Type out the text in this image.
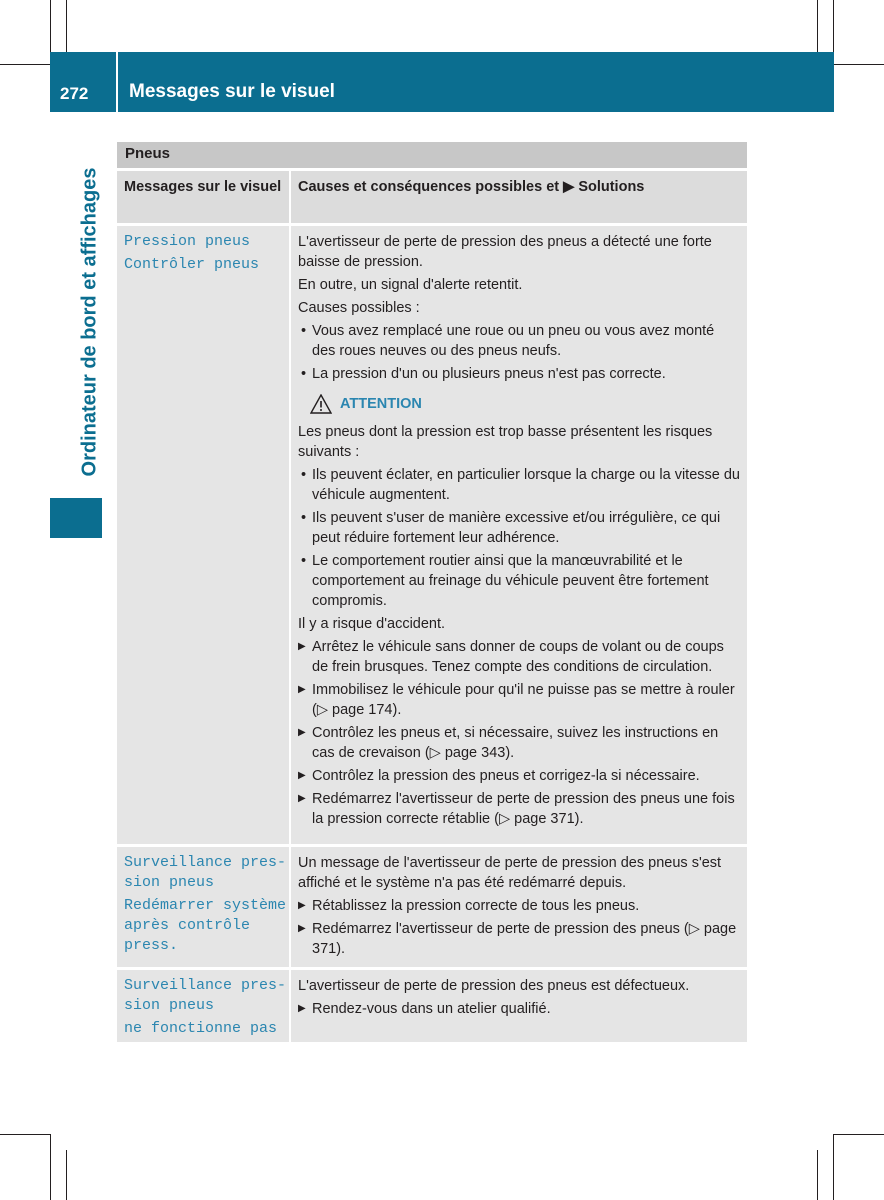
272 Messages sur le visuel
Ordinateur de bord et affichages
Pneus
Messages sur le visuel	Causes et conséquences possibles et ▶ Solutions
Pression pneus
Contrôler pneus

L'avertisseur de perte de pression des pneus a détecté une forte baisse de pression.

En outre, un signal d'alerte retentit.

Causes possibles :

• Vous avez remplacé une roue ou un pneu ou vous avez monté des roues neuves ou des pneus neufs.
• La pression d'un ou plusieurs pneus n'est pas correcte.
ATTENTION

Les pneus dont la pression est trop basse présentent les risques suivants :

• Ils peuvent éclater, en particulier lorsque la charge ou la vitesse du véhicule augmentent.
• Ils peuvent s'user de manière excessive et/ou irrégulière, ce qui peut réduire fortement leur adhérence.
• Le comportement routier ainsi que la manœuvrabilité et le comportement au freinage du véhicule peuvent être fortement compromis.

Il y a risque d'accident.

▶ Arrêtez le véhicule sans donner de coups de volant ou de coups de frein brusques. Tenez compte des conditions de circulation.
▶ Immobilisez le véhicule pour qu'il ne puisse pas se mettre à rouler (▷ page 174).
▶ Contrôlez les pneus et, si nécessaire, suivez les instructions en cas de crevaison (▷ page 343).
▶ Contrôlez la pression des pneus et corrigez-la si nécessaire.
▶ Redémarrez l'avertisseur de perte de pression des pneus une fois la pression correcte rétablie (▷ page 371).
Surveillance pres-sion pneus
Redémarrer système après contrôle press.

Un message de l'avertisseur de perte de pression des pneus s'est affiché et le système n'a pas été redémarré depuis.

▶ Rétablissez la pression correcte de tous les pneus.
▶ Redémarrez l'avertisseur de perte de pression des pneus (▷ page 371).
Surveillance pres-sion pneus
ne fonctionne pas

L'avertisseur de perte de pression des pneus est défectueux.

▶ Rendez-vous dans un atelier qualifié.
